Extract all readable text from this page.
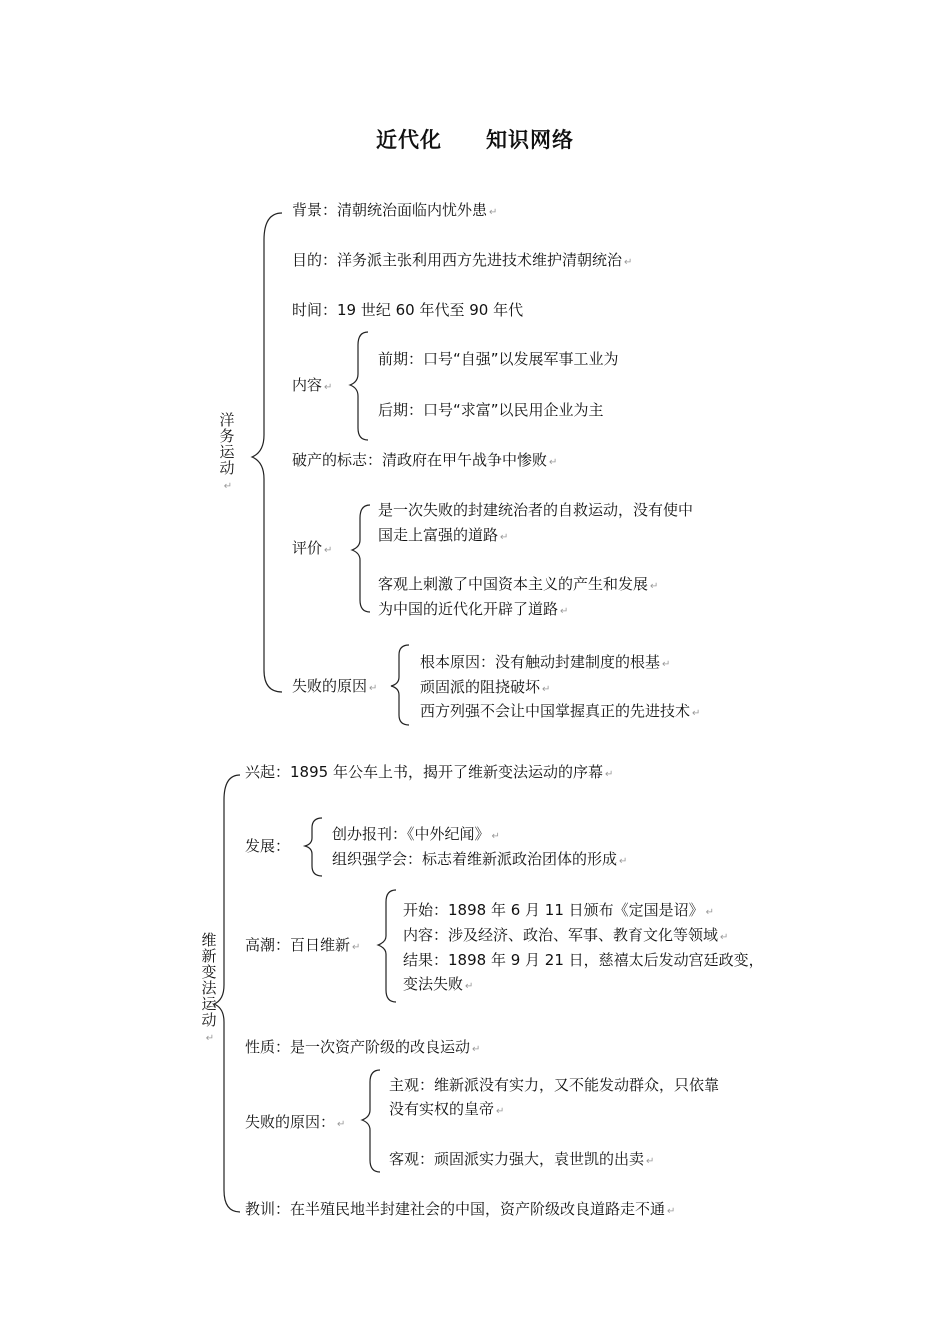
近代化 知识网络
洋务运动↵
背景：清朝统治面临内忧外患 ↵
目的：洋务派主张利用西方先进技术维护清朝统治 ↵
时间：19 世纪 60 年代至 90 年代
内容 ↵
前期：口号“自强”以发展军事工业为
后期：口号“求富”以民用企业为主
破产的标志：清政府在甲午战争中惨败 ↵
评价 ↵
是一次失败的封建统治者的自救运动，没有使中
国走上富强的道路 ↵
客观上刺激了中国资本主义的产生和发展 ↵
为中国的近代化开辟了道路 ↵
失败的原因 ↵
根本原因：没有触动封建制度的根基 ↵
顽固派的阻挠破坏 ↵
西方列强不会让中国掌握真正的先进技术 ↵
维新变法运动↵
兴起：1895 年公车上书，揭开了维新变法运动的序幕 ↵
发展：
创办报刊：《中外纪闻》 ↵
组织强学会：标志着维新派政治团体的形成 ↵
高潮：百日维新 ↵
开始：1898 年 6 月 11 日颁布《定国是诏》 ↵
内容：涉及经济、政治、军事、教育文化等领域 ↵
结果：1898 年 9 月 21 日，慈禧太后发动宫廷政变，
变法失败 ↵
性质：是一次资产阶级的改良运动 ↵
失败的原因： ↵
主观：维新派没有实力，又不能发动群众，只依靠
没有实权的皇帝 ↵
客观：顽固派实力强大，袁世凯的出卖 ↵
教训：在半殖民地半封建社会的中国，资产阶级改良道路走不通 ↵
